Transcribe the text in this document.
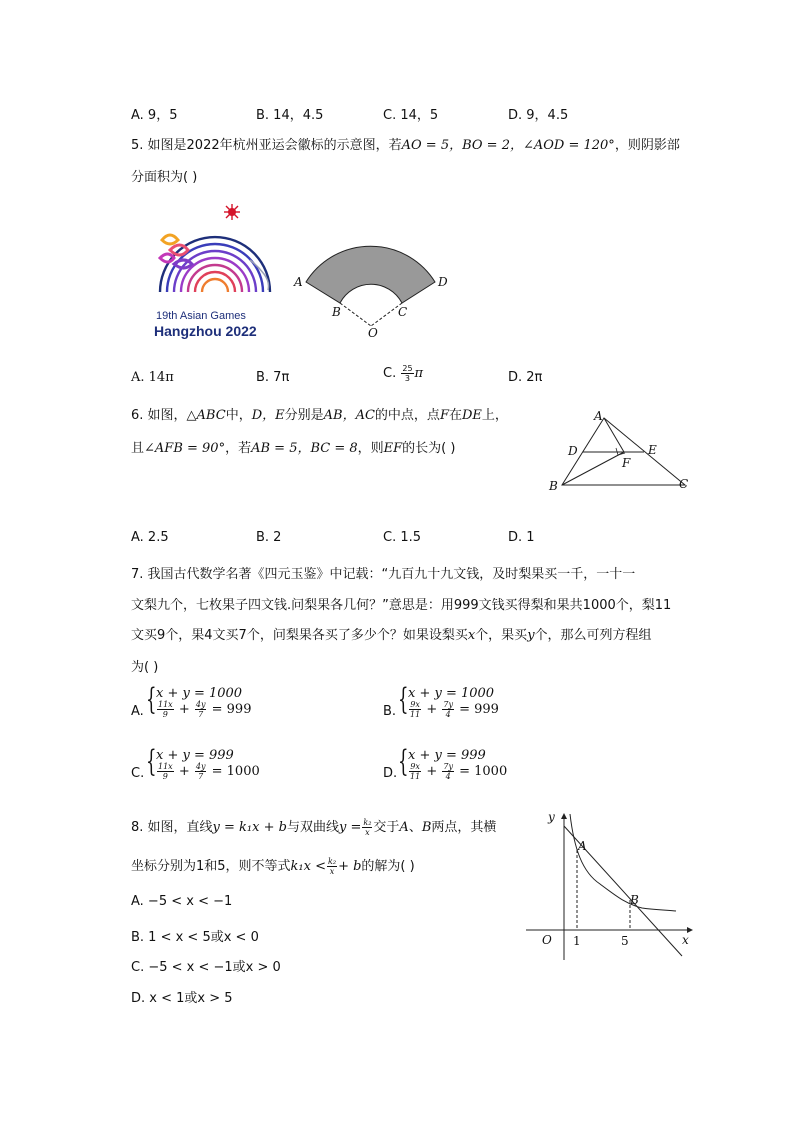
A. 9，5	B. 14，4.5	C. 14，5	D. 9，4.5
5. 如图是2022年杭州亚运会徽标的示意图，若AO = 5，BO = 2，∠AOD = 120°，则阴影部
分面积为( )
19th Asian Games
Hangzhou 2022
A	D
B	C
O
A. 14π	B. 7π	C. $\frac{25}{3}$ π	D. 2π
6. 如图，△ABC中，D，E分别是AB，AC的中点，点F在DE上，
且∠AFB = 90°，若AB = 5，BC = 8，则EF的长为( )
A
D	E
F
B	C
A. 2.5	B. 2	C. 1.5	D. 1
7. 我国古代数学名著《四元玉鉴》中记载：“九百九十九文钱，及时梨果买一千，一十一
文梨九个，七枚果子四文钱.问梨果各几何？”意思是：用999文钱买得梨和果共1000个，梨11
文买9个，果4文买7个，问梨果各买了多少个？如果设梨买x个，果买y个，那么可列方程组
为( )
A. { x + y = 1000
$\frac{11x}{9} + \frac{4y}{7} = 999$	B. { x + y = 1000
$\frac{9x}{11} + \frac{7y}{4} = 999$
C. { x + y = 999
$\frac{11x}{9} + \frac{4y}{7} = 1000$	D. { x + y = 999
$\frac{9x}{11} + \frac{7y}{4} = 1000$
8. 如图，直线y = k₁x + b与双曲线$y = \frac{\text{k₂}}{x}$ 交于A、B两点，其横
坐标分别为1和5，则不等式$k_1x < \frac{\text{k₂}}{x} + b$的解为( )
A. −5 < x < −1
B. 1 < x < 5或x < 0
C. −5 < x < −1或x > 0
D. x < 1或x > 5
y
x
O
A
B
1	5
